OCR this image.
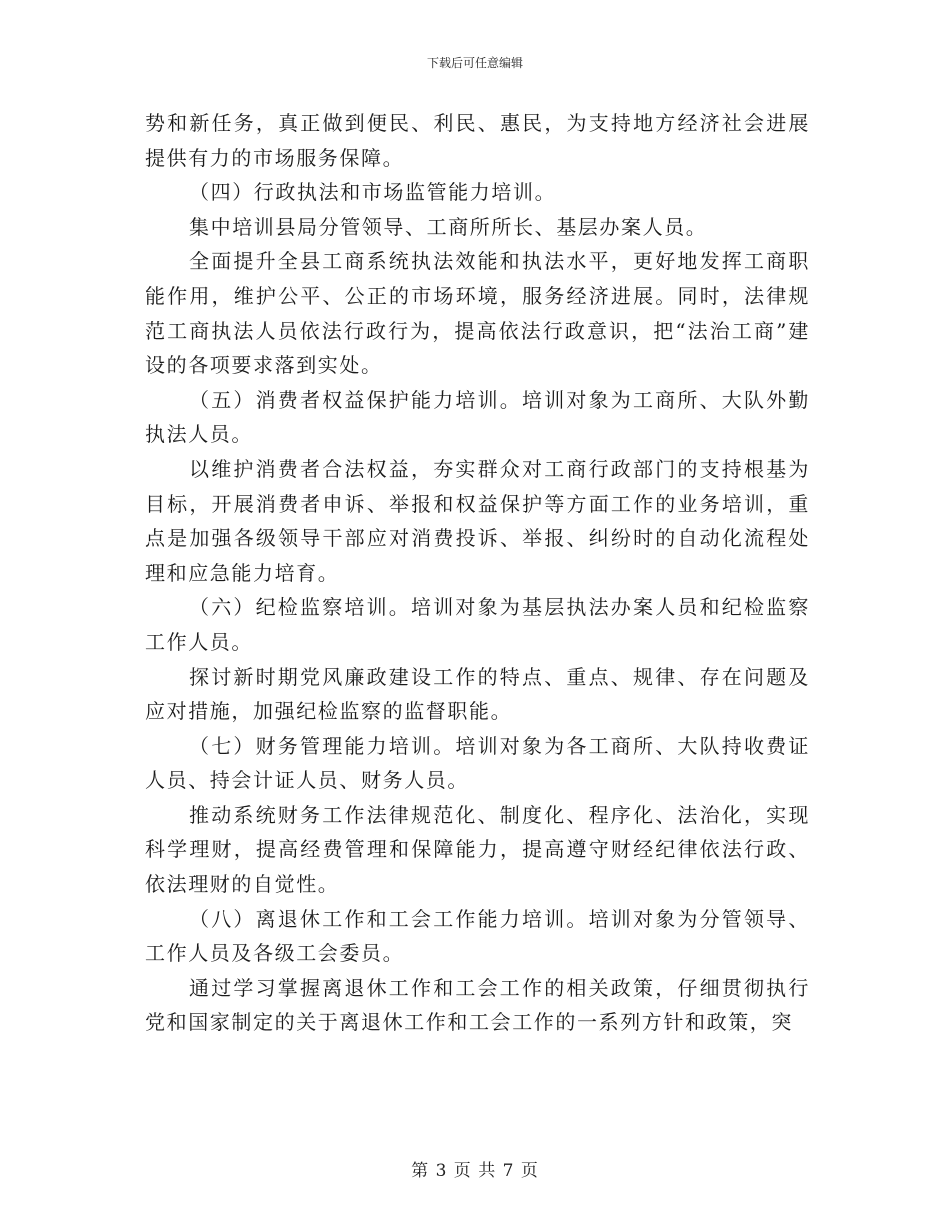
下载后可任意编辑

势和新任务，真正做到便民、利民、惠民，为支持地方经济社会进展提供有力的市场服务保障。

（四）行政执法和市场监管能力培训。

集中培训县局分管领导、工商所所长、基层办案人员。

全面提升全县工商系统执法效能和执法水平，更好地发挥工商职能作用，维护公平、公正的市场环境，服务经济进展。同时，法律规范工商执法人员依法行政行为，提高依法行政意识，把“法治工商”建设的各项要求落到实处。

（五）消费者权益保护能力培训。培训对象为工商所、大队外勤执法人员。

以维护消费者合法权益，夯实群众对工商行政部门的支持根基为目标，开展消费者申诉、举报和权益保护等方面工作的业务培训，重点是加强各级领导干部应对消费投诉、举报、纠纷时的自动化流程处理和应急能力培育。

（六）纪检监察培训。培训对象为基层执法办案人员和纪检监察工作人员。

探讨新时期党风廉政建设工作的特点、重点、规律、存在问题及应对措施，加强纪检监察的监督职能。

（七）财务管理能力培训。培训对象为各工商所、大队持收费证人员、持会计证人员、财务人员。

推动系统财务工作法律规范化、制度化、程序化、法治化，实现科学理财，提高经费管理和保障能力，提高遵守财经纪律依法行政、依法理财的自觉性。

（八）离退休工作和工会工作能力培训。培训对象为分管领导、工作人员及各级工会委员。

通过学习掌握离退休工作和工会工作的相关政策，仔细贯彻执行党和国家制定的关于离退休工作和工会工作的一系列方针和政策，突

第 3 页 共 7 页
